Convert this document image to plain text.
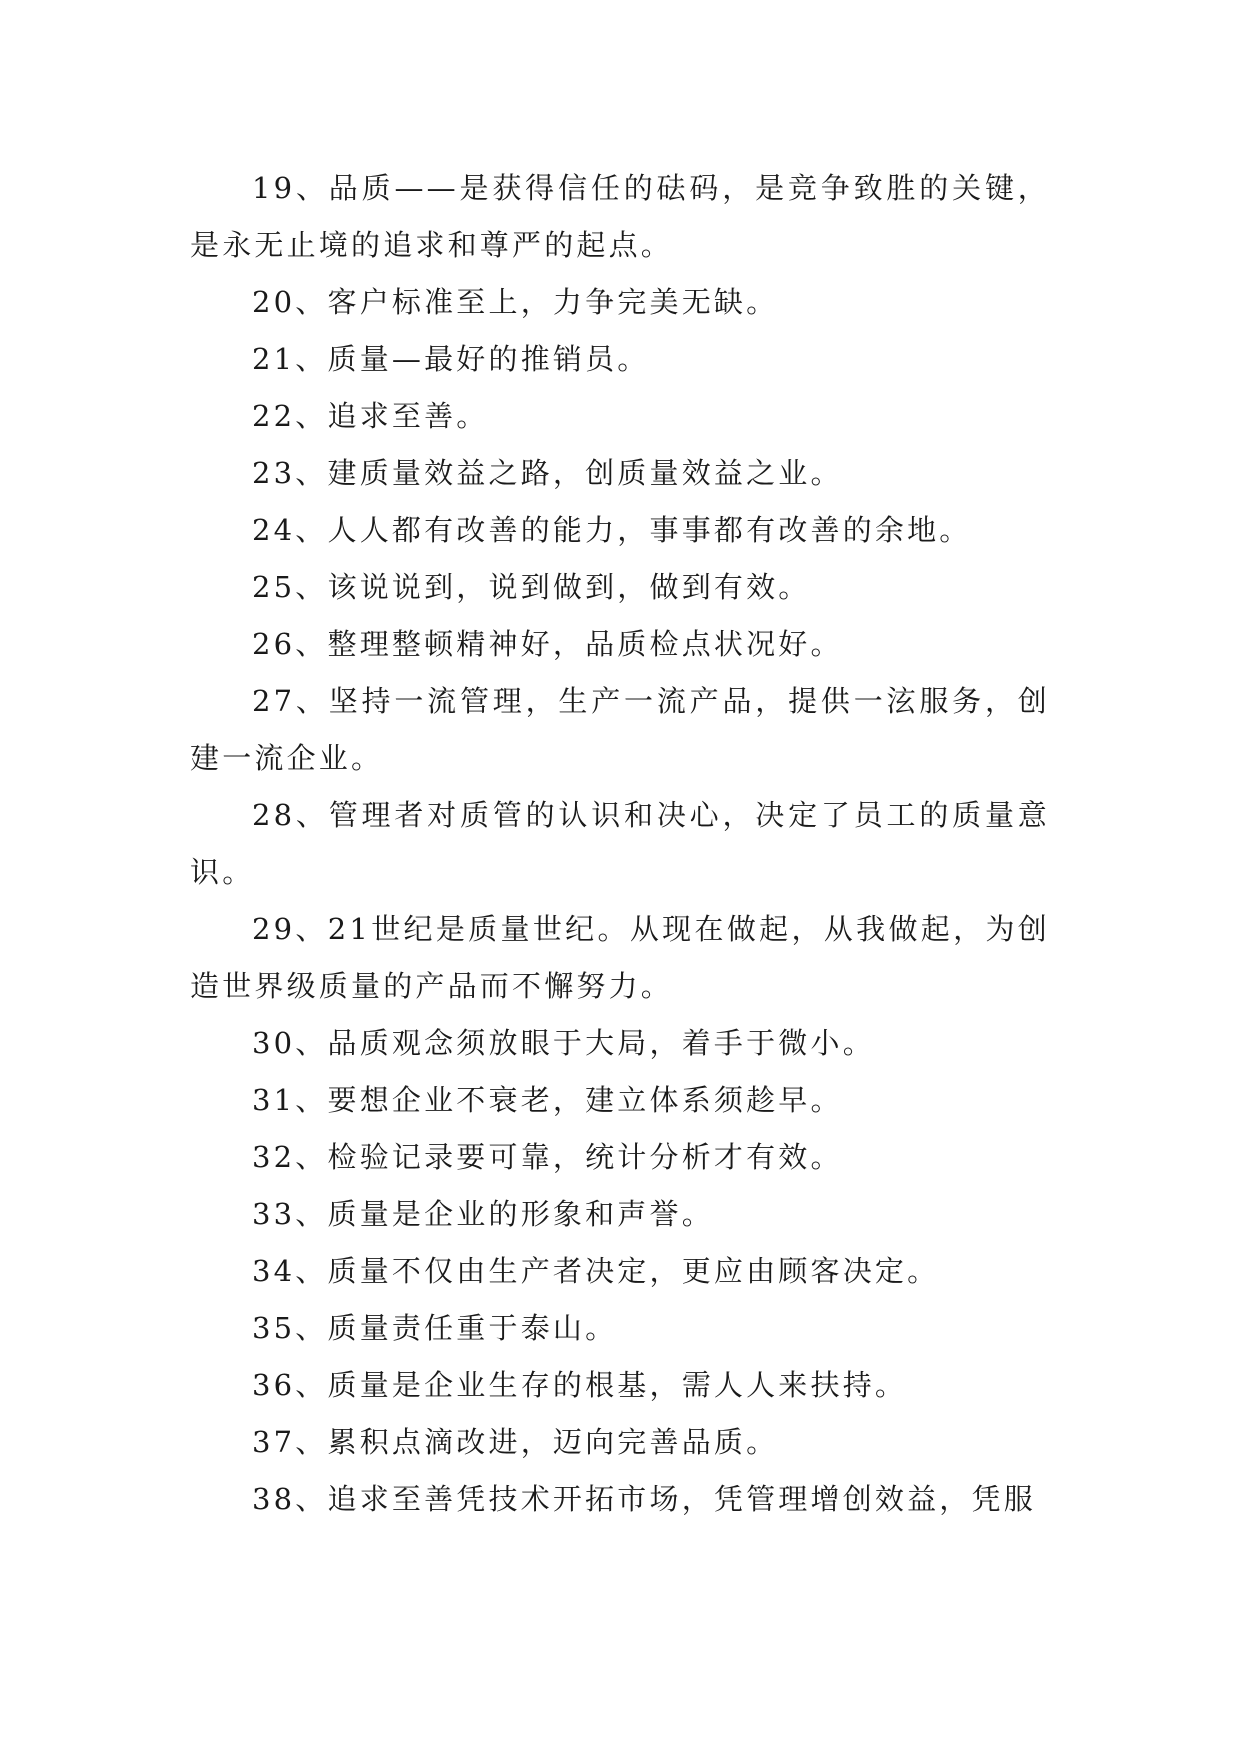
19、品质——是获得信任的砝码，是竞争致胜的关键，是永无止境的追求和尊严的起点。

20、客户标准至上，力争完美无缺。

21、质量—最好的推销员。

22、追求至善。

23、建质量效益之路，创质量效益之业。

24、人人都有改善的能力，事事都有改善的余地。

25、该说说到，说到做到，做到有效。

26、整理整顿精神好，品质检点状况好。

27、坚持一流管理，生产一流产品，提供一泫服务，创建一流企业。

28、管理者对质管的认识和决心，决定了员工的质量意识。

29、21世纪是质量世纪。从现在做起，从我做起，为创造世界级质量的产品而不懈努力。

30、品质观念须放眼于大局，着手于微小。

31、要想企业不衰老，建立体系须趁早。

32、检验记录要可靠，统计分析才有效。

33、质量是企业的形象和声誉。

34、质量不仅由生产者决定，更应由顾客决定。

35、质量责任重于泰山。

36、质量是企业生存的根基，需人人来扶持。

37、累积点滴改进，迈向完善品质。

38、追求至善凭技术开拓市场，凭管理增创效益，凭服
